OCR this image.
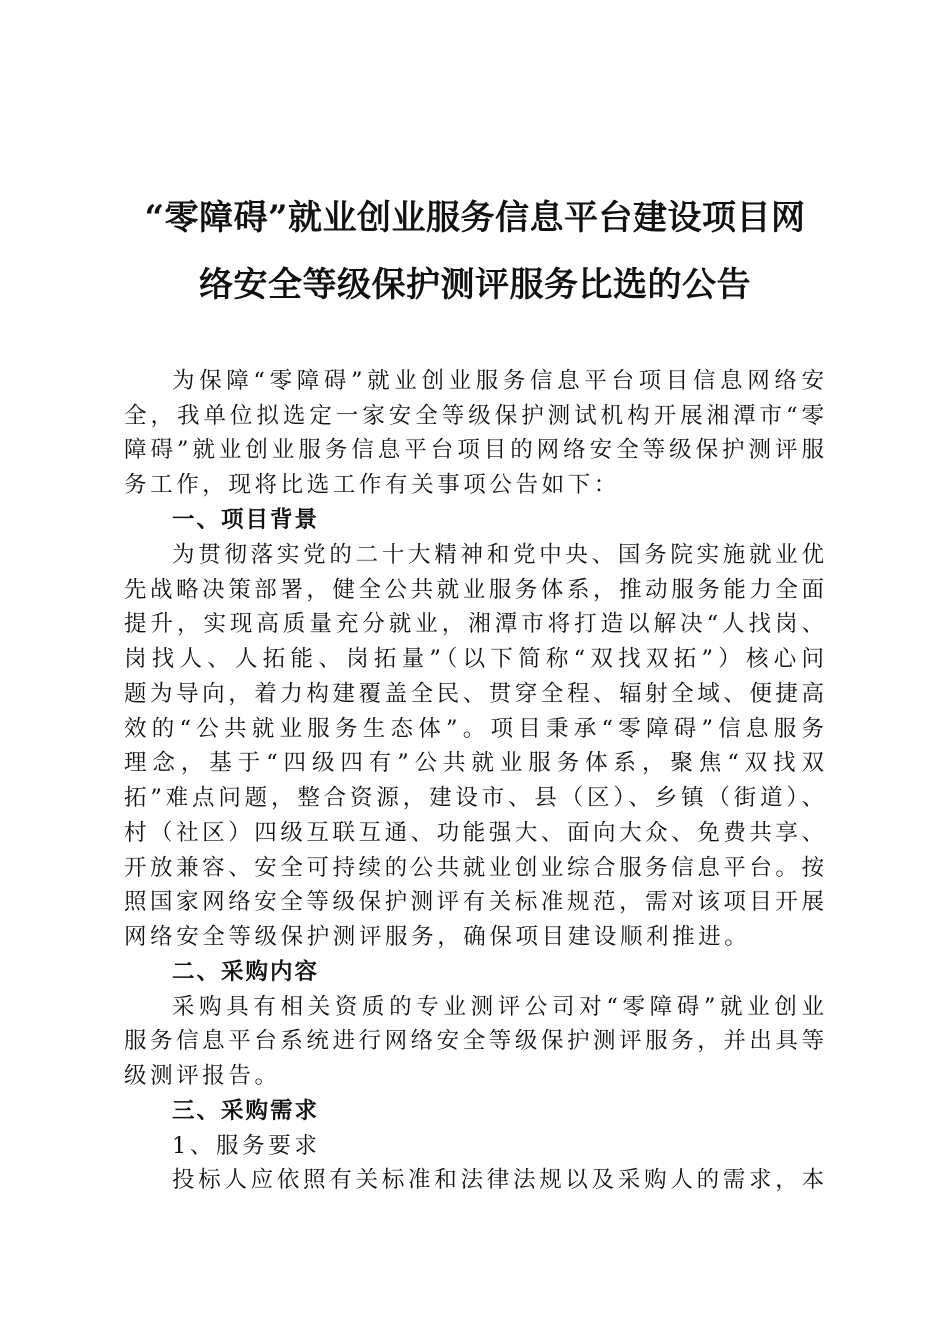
“零障碍”就业创业服务信息平台建设项目网
络安全等级保护测评服务比选的公告
为保障“零障碍”就业创业服务信息平台项目信息网络安
全，我单位拟选定一家安全等级保护测试机构开展湘潭市“零
障碍”就业创业服务信息平台项目的网络安全等级保护测评服
务工作，现将比选工作有关事项公告如下：
一、项目背景
为贯彻落实党的二十大精神和党中央、国务院实施就业优
先战略决策部署，健全公共就业服务体系，推动服务能力全面
提升，实现高质量充分就业，湘潭市将打造以解决“人找岗、
岗找人、人拓能、岗拓量”（以下简称“双找双拓”）核心问
题为导向，着力构建覆盖全民、贯穿全程、辐射全域、便捷高
效的“公共就业服务生态体”。项目秉承“零障碍”信息服务
理念，基于“四级四有”公共就业服务体系，聚焦“双找双
拓”难点问题，整合资源，建设市、县（区）、乡镇（街道）、
村（社区）四级互联互通、功能强大、面向大众、免费共享、
开放兼容、安全可持续的公共就业创业综合服务信息平台。按
照国家网络安全等级保护测评有关标准规范，需对该项目开展
网络安全等级保护测评服务，确保项目建设顺利推进。
二、采购内容
采购具有相关资质的专业测评公司对“零障碍”就业创业
服务信息平台系统进行网络安全等级保护测评服务，并出具等
级测评报告。
三、采购需求
1、服务要求
投标人应依照有关标准和法律法规以及采购人的需求，本
